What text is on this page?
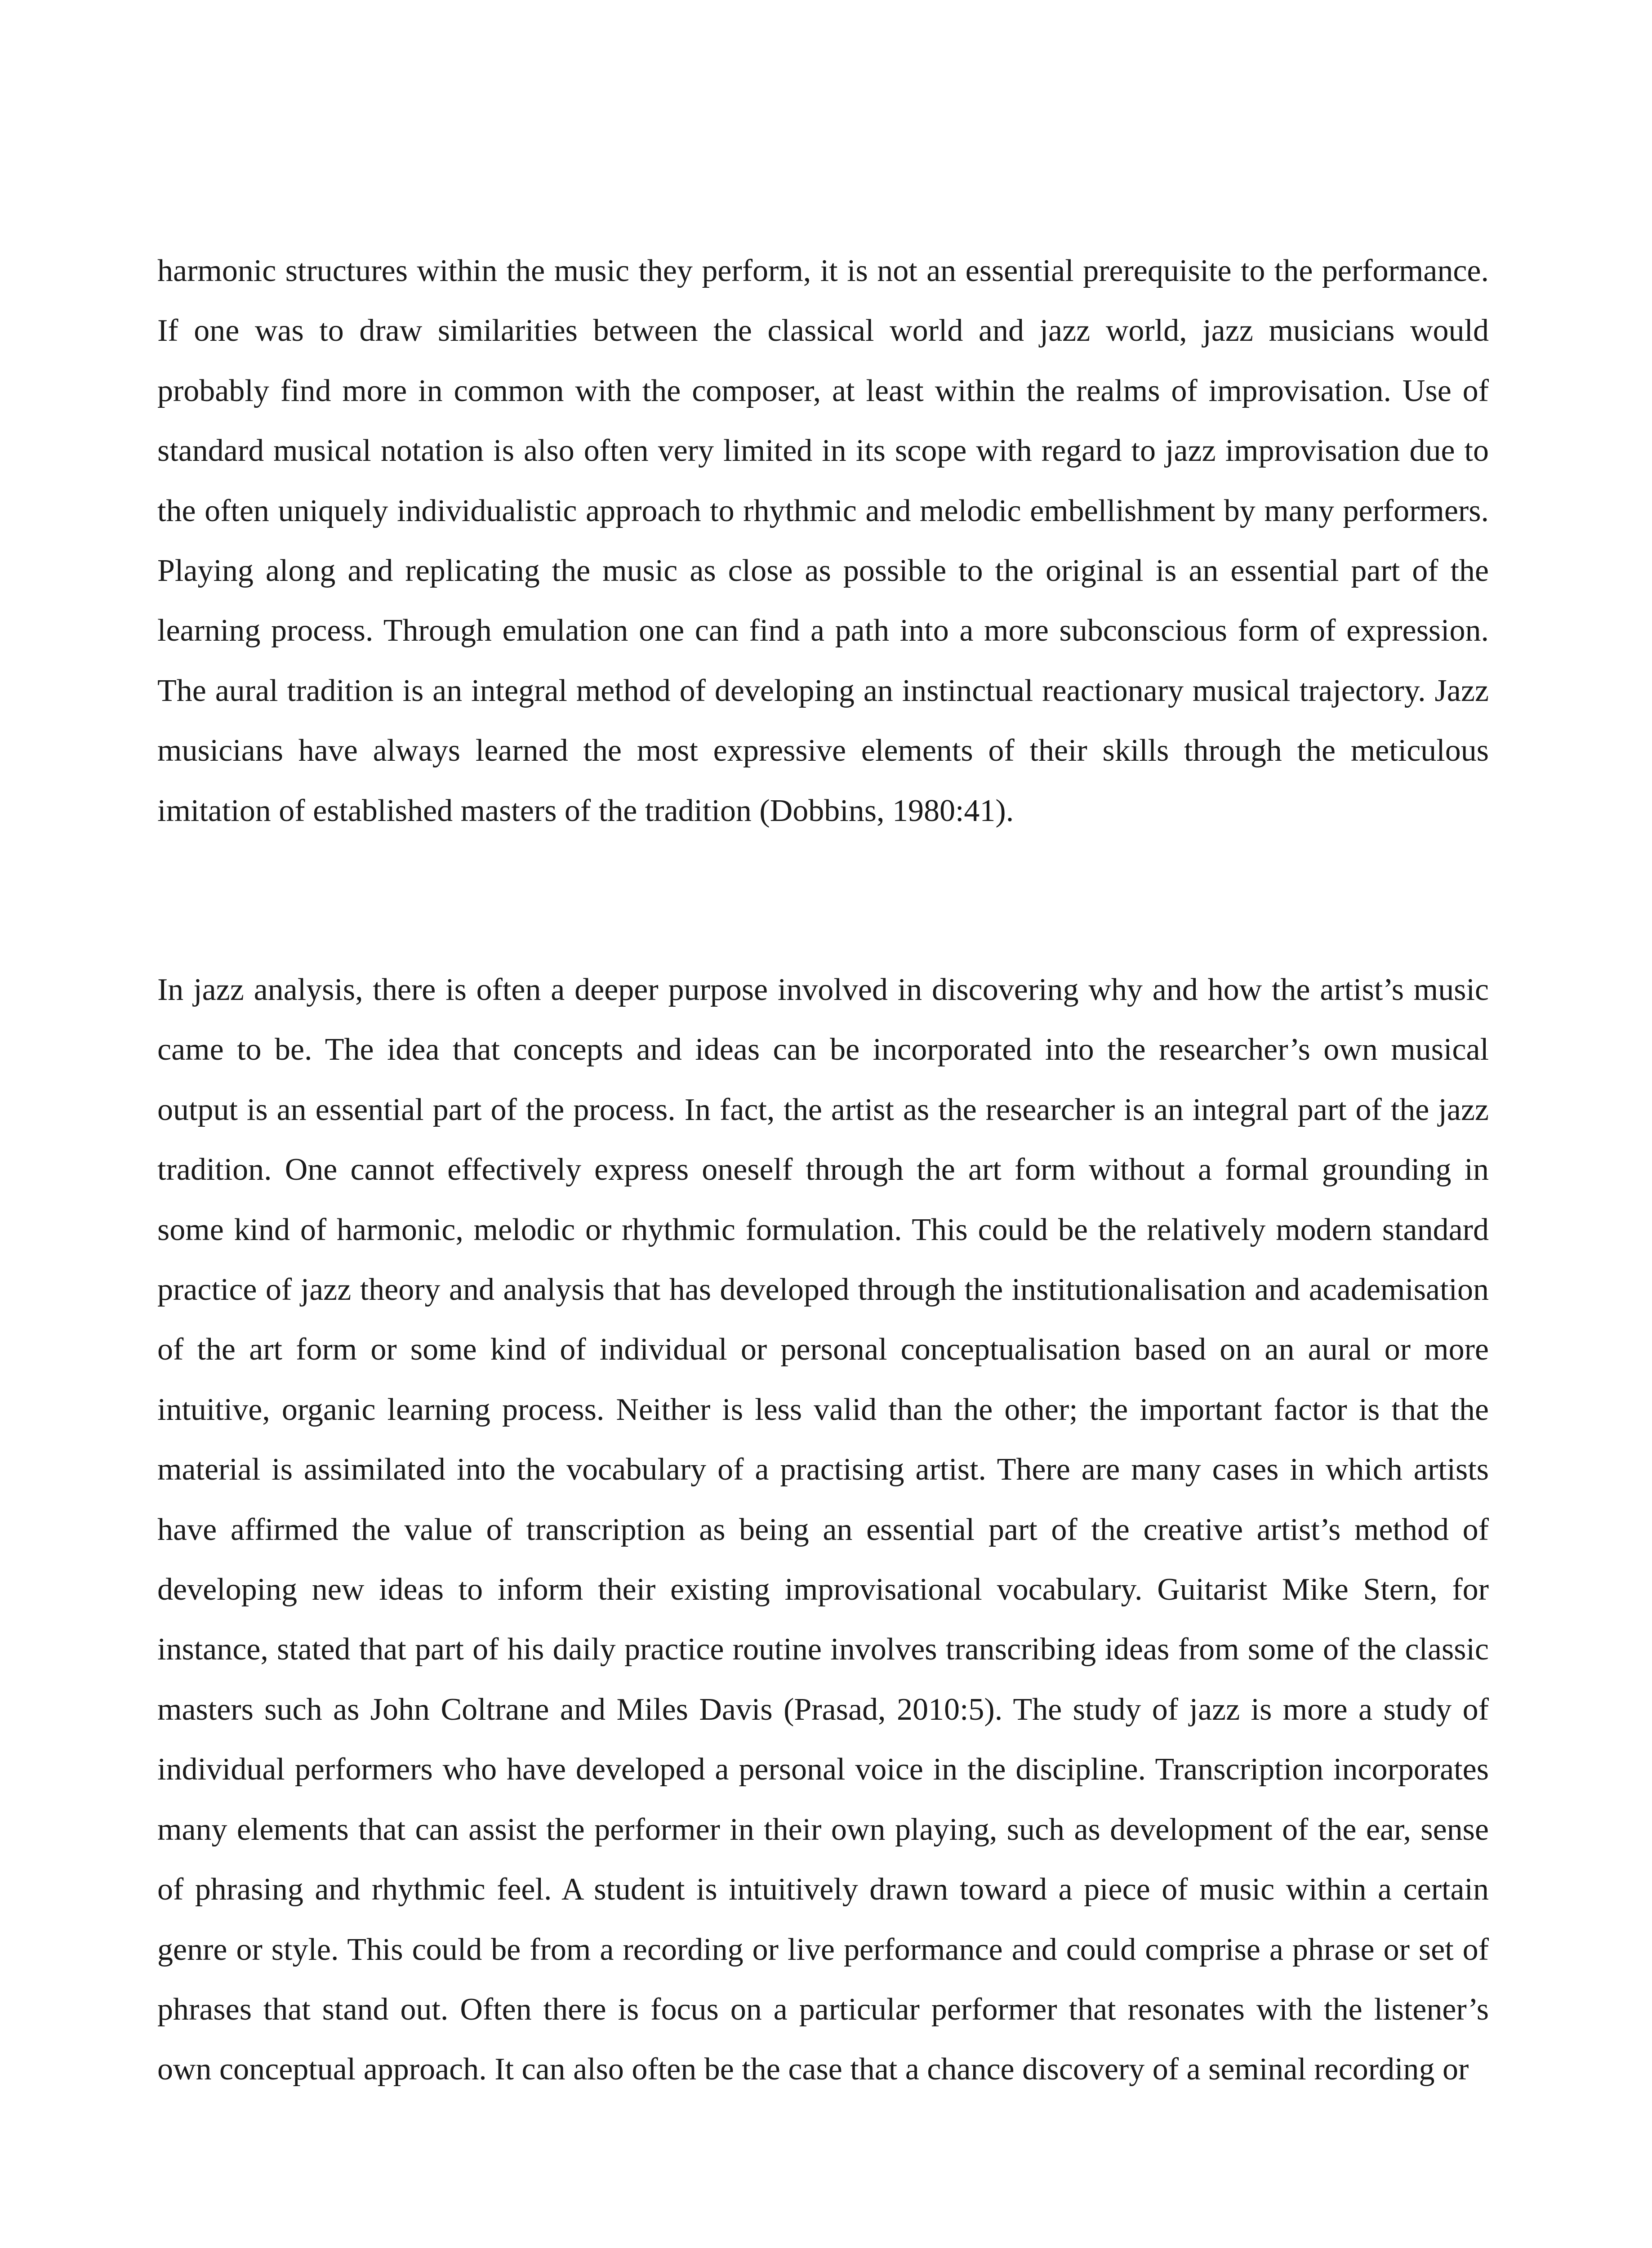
harmonic structures within the music they perform, it is not an essential prerequisite to the performance. If one was to draw similarities between the classical world and jazz world, jazz musicians would probably find more in common with the composer, at least within the realms of improvisation. Use of standard musical notation is also often very limited in its scope with regard to jazz improvisation due to the often uniquely individualistic approach to rhythmic and melodic embellishment by many performers. Playing along and replicating the music as close as possible to the original is an essential part of the learning process. Through emulation one can find a path into a more subconscious form of expression. The aural tradition is an integral method of developing an instinctual reactionary musical trajectory. Jazz musicians have always learned the most expressive elements of their skills through the meticulous imitation of established masters of the tradition (Dobbins, 1980:41).

In jazz analysis, there is often a deeper purpose involved in discovering why and how the artist’s music came to be. The idea that concepts and ideas can be incorporated into the researcher’s own musical output is an essential part of the process. In fact, the artist as the researcher is an integral part of the jazz tradition. One cannot effectively express oneself through the art form without a formal grounding in some kind of harmonic, melodic or rhythmic formulation. This could be the relatively modern standard practice of jazz theory and analysis that has developed through the institutionalisation and academisation of the art form or some kind of individual or personal conceptualisation based on an aural or more intuitive, organic learning process. Neither is less valid than the other; the important factor is that the material is assimilated into the vocabulary of a practising artist. There are many cases in which artists have affirmed the value of transcription as being an essential part of the creative artist’s method of developing new ideas to inform their existing improvisational vocabulary. Guitarist Mike Stern, for instance, stated that part of his daily practice routine involves transcribing ideas from some of the classic masters such as John Coltrane and Miles Davis (Prasad, 2010:5). The study of jazz is more a study of individual performers who have developed a personal voice in the discipline. Transcription incorporates many elements that can assist the performer in their own playing, such as development of the ear, sense of phrasing and rhythmic feel. A student is intuitively drawn toward a piece of music within a certain genre or style. This could be from a recording or live performance and could comprise a phrase or set of phrases that stand out. Often there is focus on a particular performer that resonates with the listener’s own conceptual approach. It can also often be the case that a chance discovery of a seminal recording or
